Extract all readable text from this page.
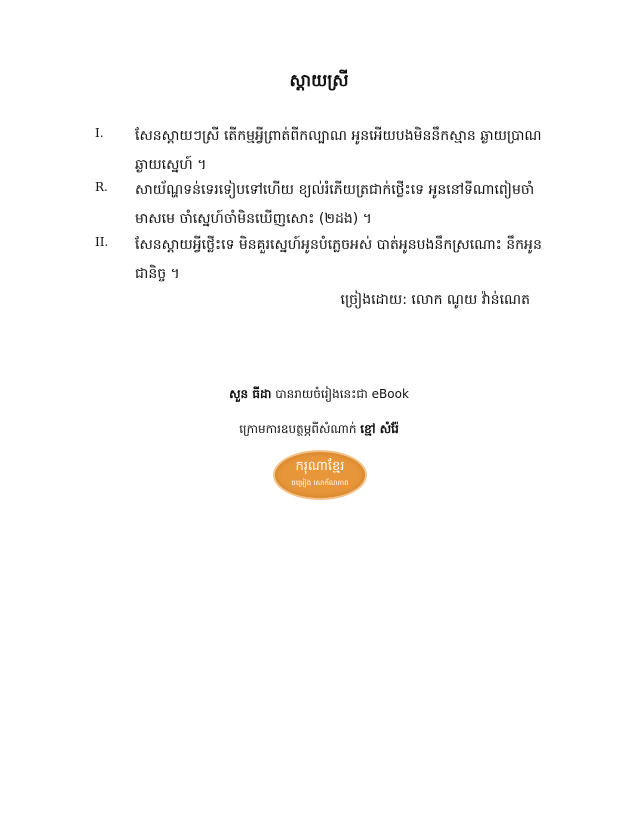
ស្ដាយស្រី
I. សែនស្ដាយៗស្រី តើកម្មអ្វីព្រាត់ពីកល្បាណ អូនអើយបងមិននឹកស្មាន ឆ្ងាយប្រាណ
ឆ្ងាយស្នេហ៍ ។
R. សាយ័ណ្ហទន់ទេរទៀបទៅហើយ ខ្យល់រំភើយត្រជាក់ថ្លើះទេ អូននៅទីណាពៀមចាំ
មាសមេ ចាំស្នេហ៍ចាំមិនឃើញសោះ (២ដង) ។
II. សែនស្ដាយអ្វីថ្លើះទេ មិនគួរស្នេហ៍អូនបំភ្លេចអស់ បាត់អូនបងនឹកស្រណោះ នឹកអូន
ជានិច្ច ។
ច្រៀងដោយ: លោក ណូយ វ៉ាន់ណេត
សួន ធីដា បានរាយចំរៀងនេះជា eBook
ក្រោមការឧបត្ថម្ភពីសំណាក់ ខ្មៅ សំរ៉ែ
ករុណាខ្មែរ
ចម្រៀង សោភ័ណភាព
